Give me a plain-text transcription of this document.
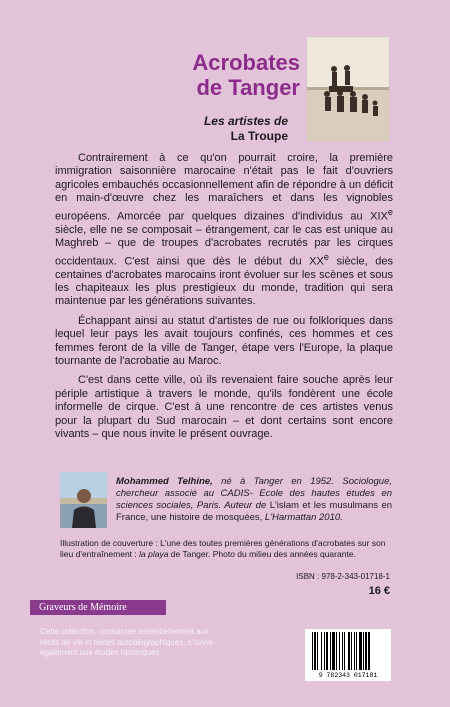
Acrobates
de Tanger
Les artistes de
La Troupe

Contrairement à ce qu'on pourrait croire, la première immigration saisonnière marocaine n'était pas le fait d'ouvriers agricoles embauchés occasionnellement afin de répondre à un déficit en main-d'œuvre chez les maraîchers et dans les vignobles européens. Amorcée par quelques dizaines d'individus au XIXe siècle, elle ne se composait – étrangement, car le cas est unique au Maghreb – que de troupes d'acrobates recrutés par les cirques occidentaux. C'est ainsi que dès le début du XXe siècle, des centaines d'acrobates marocains iront évoluer sur les scènes et sous les chapiteaux les plus prestigieux du monde, tradition qui sera maintenue par les générations suivantes.

Échappant ainsi au statut d'artistes de rue ou folkloriques dans lequel leur pays les avait toujours confinés, ces hommes et ces femmes feront de la ville de Tanger, étape vers l'Europe, la plaque tournante de l'acrobatie au Maroc.

C'est dans cette ville, où ils revenaient faire souche après leur périple artistique à travers le monde, qu'ils fondèrent une école informelle de cirque. C'est à une rencontre de ces artistes venus pour la plupart du Sud marocain – et dont certains sont encore vivants – que nous invite le présent ouvrage.

Mohammed Telhine, né à Tanger en 1952. Sociologue, chercheur associé au CADIS- Ecole des hautes études en sciences sociales, Paris. Auteur de L'islam et les musulmans en France, une histoire de mosquées, L'Harmattan 2010.
Illustration de couverture : L'une des toutes premières générations d'acrobates sur son lieu d'entraînement : la playa de Tanger. Photo du milieu des années quarante.
ISBN : 978-2-343-01718-1
16 €
Graveurs de Mémoire
Cette collection, consacrée essentiellement aux récits de vie et textes autobiographiques, s'ouvre également aux études historiques.
9 782343 017181
